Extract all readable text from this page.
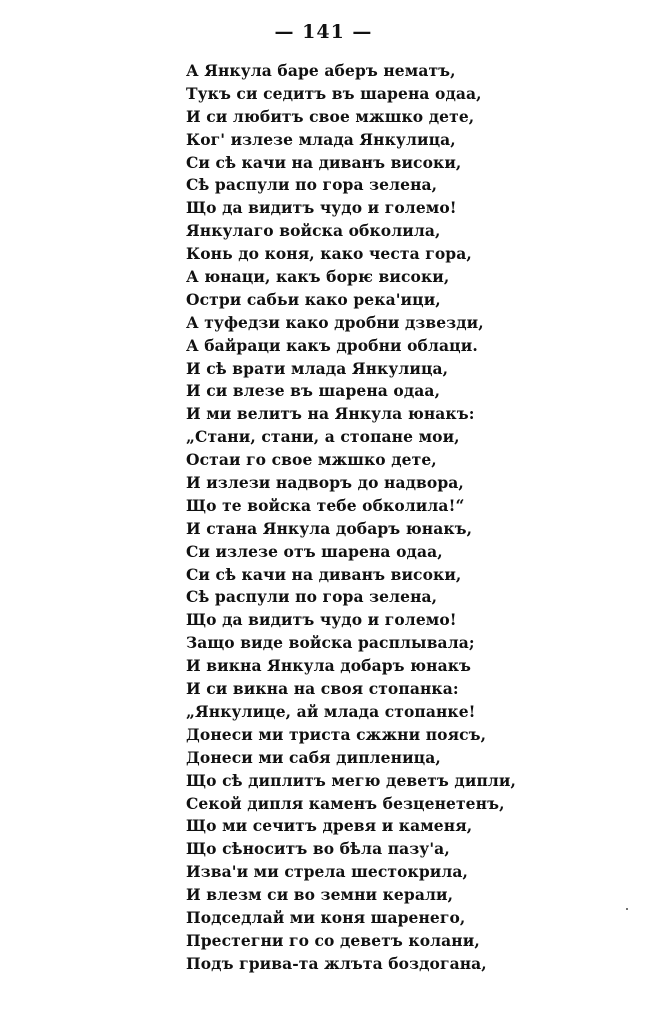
— 141 —
А Янкула баре аберъ нематъ,
Тукъ си седитъ въ шарена одаа,
И си любитъ свое мжшко дете,
Ког' излезе млада Янкулица,
Си сѣ качи на диванъ високи,
Сѣ распули по гора зелена,
Що да видитъ чудо и големо!
Янкулаго войска обколила,
Конь до коня, како честа гора,
А юнаци, какъ борѥ високи,
Остри сабьи како река'ици,
А туфедзи како дробни дзвезди,
А байраци какъ дробни облаци.
И сѣ врати млада Янкулица,
И си влезе въ шарена одаа,
И ми велитъ на Янкула юнакъ:
„Стани, стани, а стопане мои,
Остаи го свое мжшко дете,
И излези надворъ до надвора,
Що те войска тебе обколила!“
И стана Янкула добаръ юнакъ,
Си излезе отъ шарена одаа,
Си сѣ качи на диванъ високи,
Сѣ распули по гора зелена,
Що да видитъ чудо и големо!
Защо виде войска расплывала;
И викна Янкула добаръ юнакъ
И си викна на своя стопанка:
„Янкулице, ай млада стопанке!
Донеси ми триста сжжни поясъ,
Донеси ми сабя дипленица,
Що сѣ диплитъ мегю деветъ дипли,
Секой дипля каменъ безценетенъ,
Що ми сечитъ древя и каменя,
Що сѣноситъ во бѣла пазу'а,
Изва'и ми стрела шестокрила,
И влезм си во земни керали,
Подседлай ми коня шаренего,
Престегни го со деветъ колани,
Подъ грива-та жлъта боздогана,
